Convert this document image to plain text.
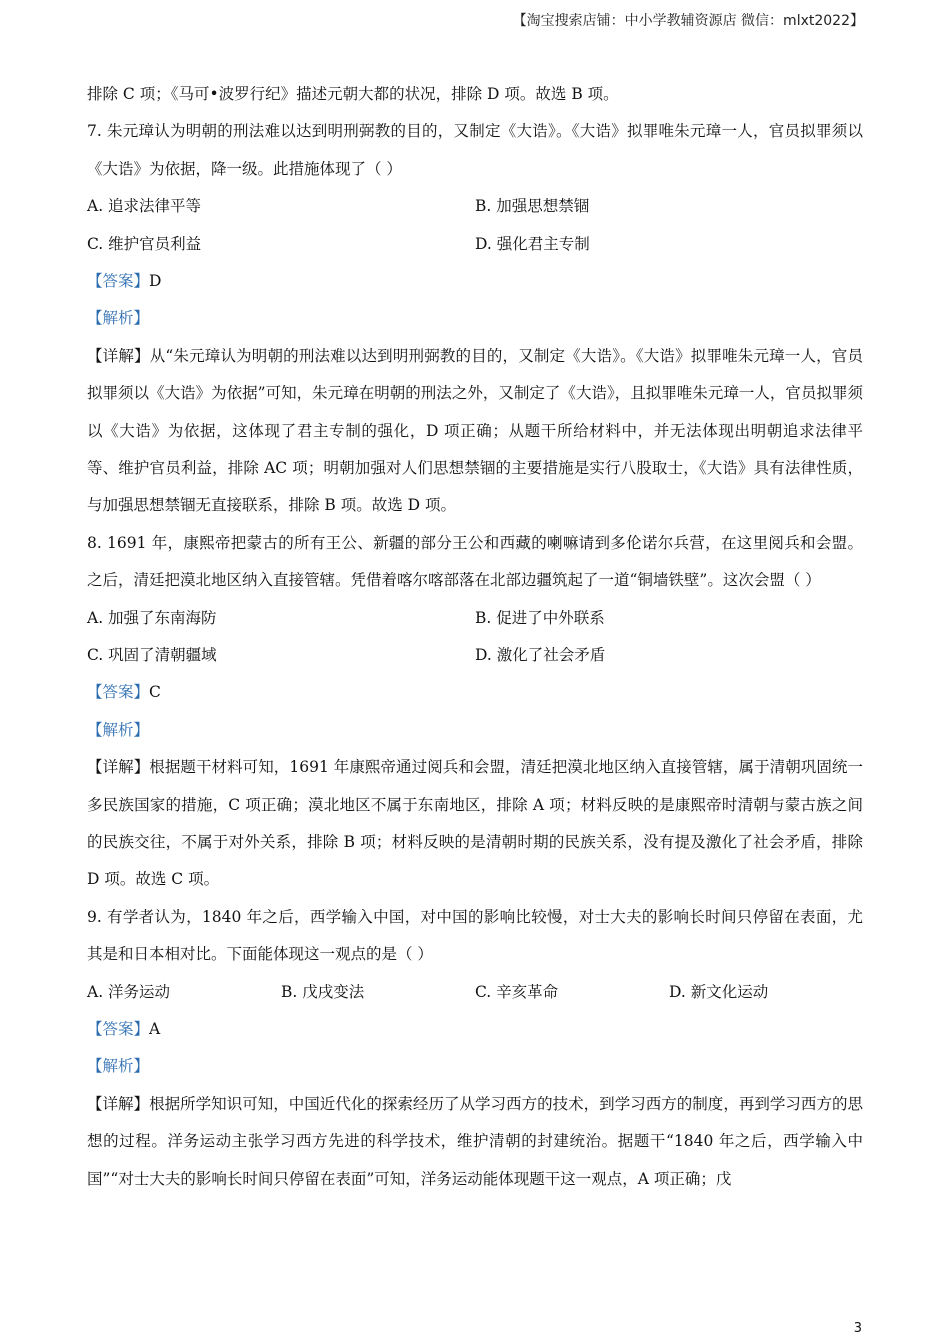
【淘宝搜索店铺：中小学教辅资源店 微信：mlxt2022】
排除 C 项；《马可•波罗行纪》描述元朝大都的状况，排除 D 项。故选 B 项。

7. 朱元璋认为明朝的刑法难以达到明刑弼教的目的，又制定《大诰》。《大诰》拟罪唯朱元璋一人，官员拟罪须以《大诰》为依据，降一级。此措施体现了（ ）

A. 追求法律平等	B. 加强思想禁锢
C. 维护官员利益	D. 强化君主专制
【答案】D
【解析】

【详解】从“朱元璋认为明朝的刑法难以达到明刑弼教的目的，又制定《大诰》。《大诰》拟罪唯朱元璋一人，官员拟罪须以《大诰》为依据”可知，朱元璋在明朝的刑法之外，又制定了《大诰》，且拟罪唯朱元璋一人，官员拟罪须以《大诰》为依据，这体现了君主专制的强化，D 项正确；从题干所给材料中，并无法体现出明朝追求法律平等、维护官员利益，排除 AC 项；明朝加强对人们思想禁锢的主要措施是实行八股取士，《大诰》具有法律性质，与加强思想禁锢无直接联系，排除 B 项。故选 D 项。

8. 1691 年，康熙帝把蒙古的所有王公、新疆的部分王公和西藏的喇嘛请到多伦诺尔兵营，在这里阅兵和会盟。之后，清廷把漠北地区纳入直接管辖。凭借着喀尔喀部落在北部边疆筑起了一道“铜墙铁壁”。这次会盟（ ）

A. 加强了东南海防	B. 促进了中外联系
C. 巩固了清朝疆域	D. 激化了社会矛盾
【答案】C
【解析】

【详解】根据题干材料可知，1691 年康熙帝通过阅兵和会盟，清廷把漠北地区纳入直接管辖，属于清朝巩固统一多民族国家的措施，C 项正确；漠北地区不属于东南地区，排除 A 项；材料反映的是康熙帝时清朝与蒙古族之间的民族交往，不属于对外关系，排除 B 项；材料反映的是清朝时期的民族关系，没有提及激化了社会矛盾，排除 D 项。故选 C 项。

9. 有学者认为，1840 年之后，西学输入中国，对中国的影响比较慢，对士大夫的影响长时间只停留在表面，尤其是和日本相对比。下面能体现这一观点的是（ ）

A. 洋务运动	B. 戊戌变法	C. 辛亥革命	D. 新文化运动
【答案】A
【解析】

【详解】根据所学知识可知，中国近代化的探索经历了从学习西方的技术，到学习西方的制度，再到学习西方的思想的过程。洋务运动主张学习西方先进的科学技术，维护清朝的封建统治。据题干“1840 年之后，西学输入中国”“对士大夫的影响长时间只停留在表面”可知，洋务运动能体现题干这一观点，A 项正确；戊

3
